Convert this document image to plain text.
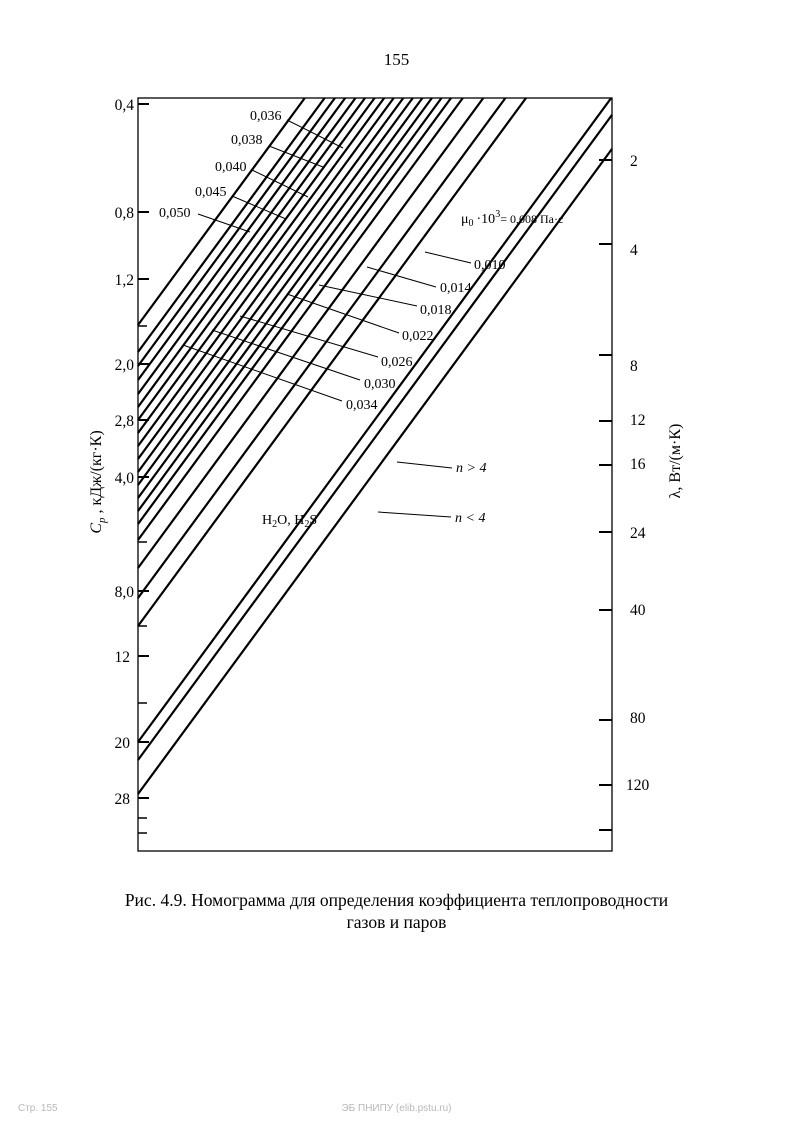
155
0,4
0,8
1,2
2,0
2,8
4,0
8,0
12
20
28
$C_p$ , кДж/(кг·К)
2
4
8
12
16
24
40
80
120
λ, Вт/(м·К)
0,036
0,038
0,040
0,045
0,050	$\mu_0 \cdot 10^3= 0,008$ Па·с
0,010
0,014
0,018
0,022
0,026
0,030
0,034
$H_2O$, $H_2S$
n > 4
n < 4
Рис. 4.9. Номограмма для определения коэффициента теплопроводности
газов и паров
Стр. 155	ЭБ ПНИПУ (elib.pstu.ru)
